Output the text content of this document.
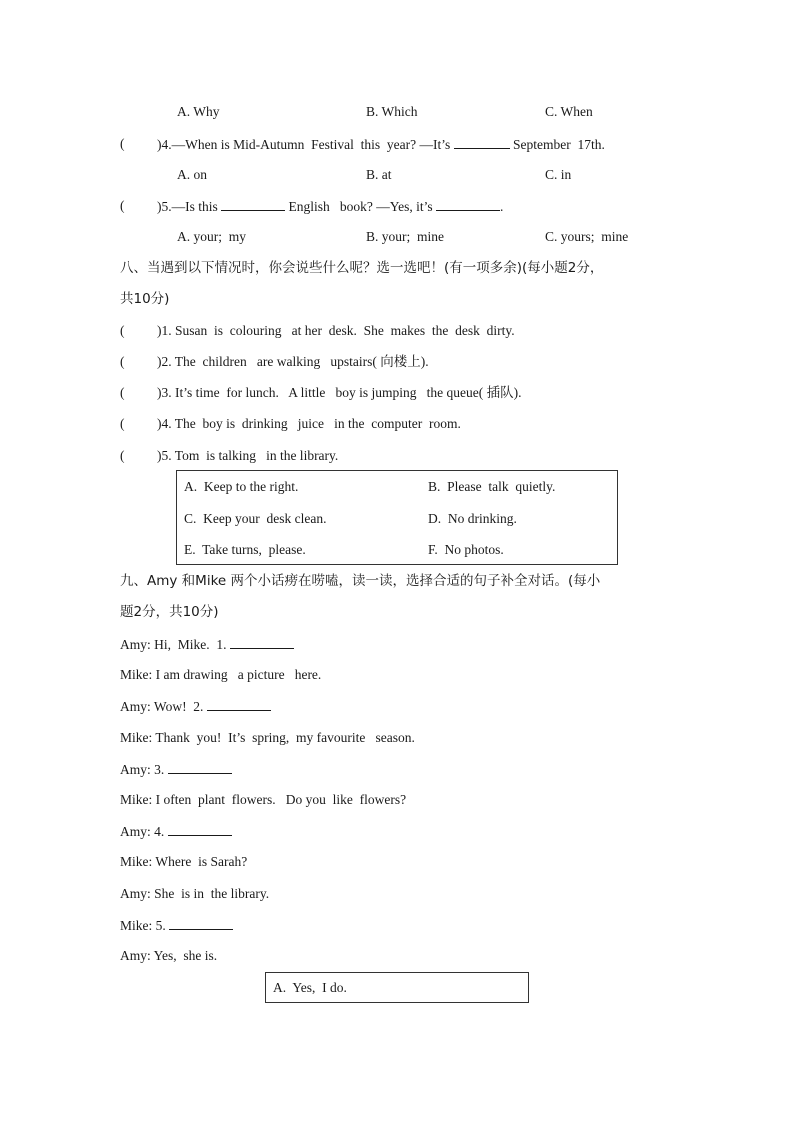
A. Why	B. Which	C. When
( )4.—When is Mid-Autumn  Festival  this  year? —It’s	September  17th.
A. on	B. at	C. in
( )5.—Is this	English   book? —Yes, it’s	.
A. your;  my	B. your;  mine	C. yours;  mine
八、当遇到以下情况时，你会说些什么呢？选一选吧！(有一项多余)(每小题2分，
共10分)
( )1. Susan  is  colouring   at her  desk.  She  makes  the  desk  dirty.
( )2. The  children   are walking   upstairs( 向楼上).
( )3. It’s time  for lunch.   A little   boy is jumping   the queue( 插队).
( )4. The  boy is  drinking   juice   in the  computer  room.
( )5. Tom  is talking   in the library.
A.  Keep to the right.	B.  Please  talk  quietly.
C.  Keep your  desk clean.	D.  No drinking.
E.  Take turns,  please.	F.  No photos.
九、Amy 和Mike 两个小话痨在唠嗑，读一读，选择合适的句子补全对话。(每小
题2分，共10分)
Amy: Hi,  Mike.  1.
Mike: I am drawing   a picture   here.
Amy: Wow!  2.
Mike: Thank  you!  It’s  spring,  my favourite   season.
Amy: 3.
Mike: I often  plant  flowers.   Do you  like  flowers?
Amy: 4.
Mike: Where  is Sarah?
Amy: She  is in  the library.
Mike: 5.
Amy: Yes,  she is.
A.  Yes,  I do.
